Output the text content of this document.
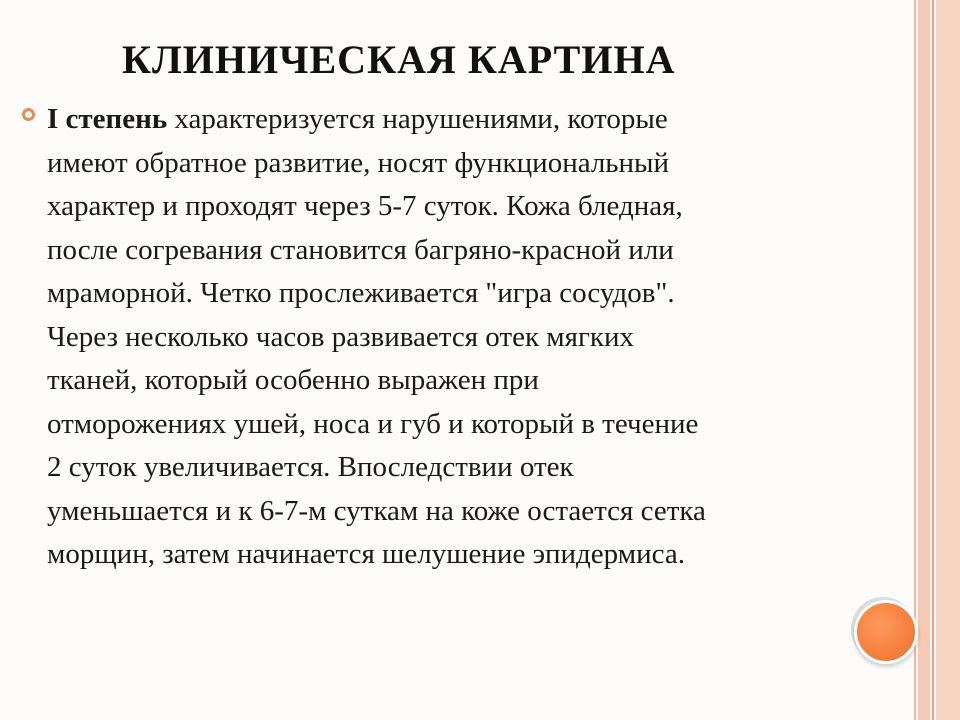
КЛИНИЧЕСКАЯ КАРТИНА
I степень характеризуется нарушениями, которые
имеют обратное развитие, носят функциональный
характер и проходят через 5-7 суток. Кожа бледная,
после согревания становится багряно-красной или
мраморной. Четко прослеживается "игра сосудов".
Через несколько часов развивается отек мягких
тканей, который особенно выражен при
отморожениях ушей, носа и губ и который в течение
2 суток увеличивается. Впоследствии отек
уменьшается и к 6-7-м суткам на коже остается сетка
морщин, затем начинается шелушение эпидермиса.
